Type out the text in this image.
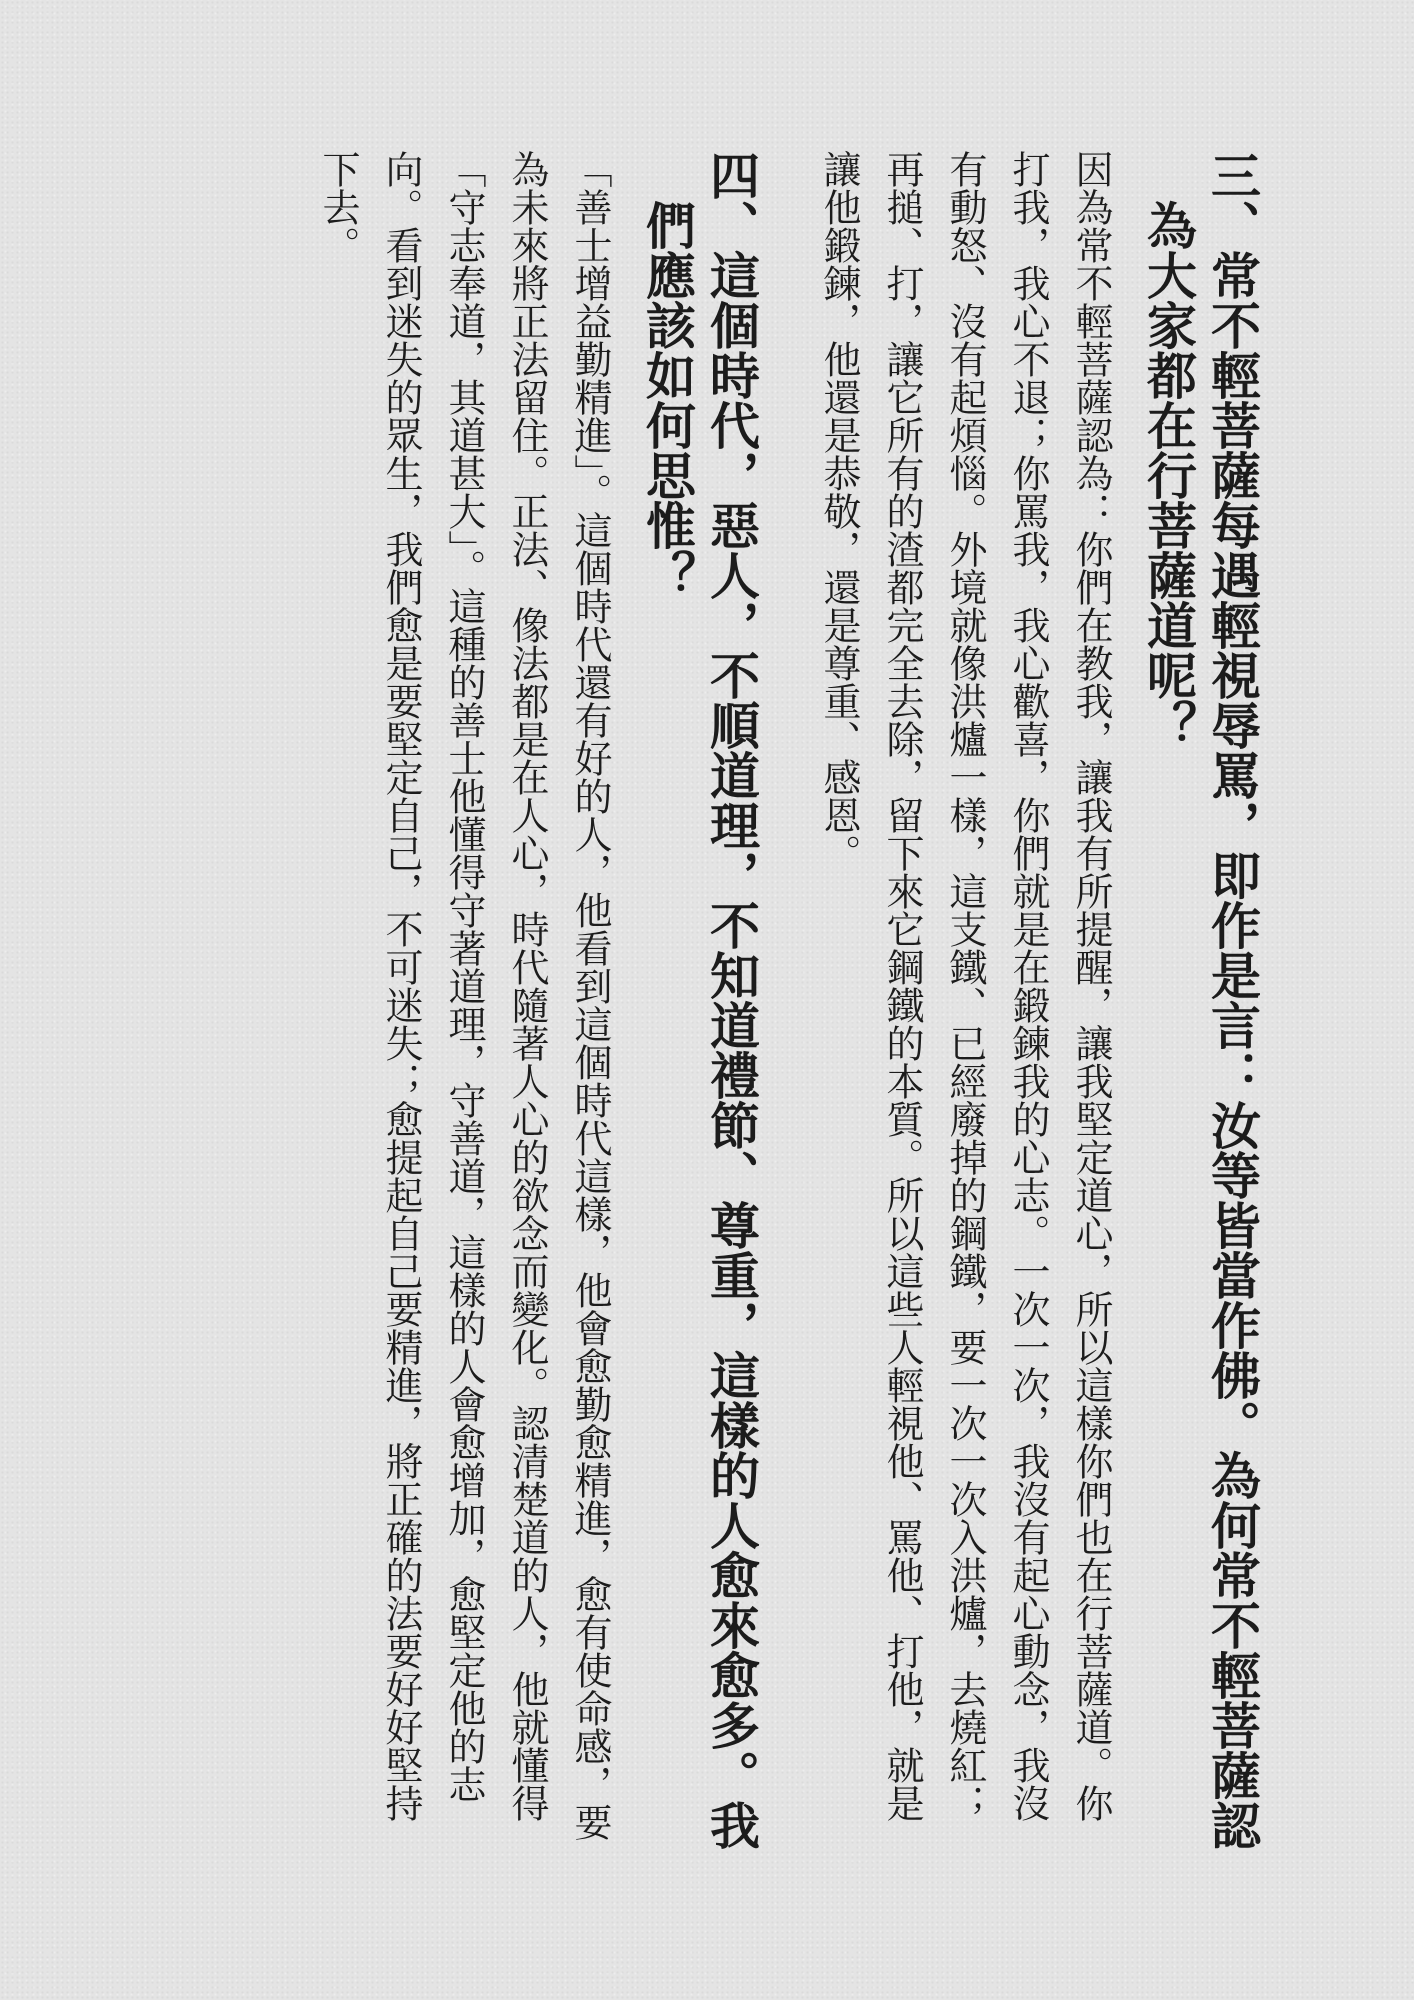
三、常不輕菩薩每遇輕視辱罵，即作是言：汝等皆當作佛。為何常不輕菩薩認為大家都在行菩薩道呢？

因為常不輕菩薩認為：你們在教我，讓我有所提醒，讓我堅定道心，所以這樣你們也在行菩薩道。你打我，我心不退；你罵我，我心歡喜，你們就是在鍛鍊我的心志。一次一次，我沒有起心動念，我沒有動怒、沒有起煩惱。外境就像洪爐一樣，這支鐵、已經廢掉的鋼鐵，要一次一次入洪爐，去燒紅；再搥、打，讓它所有的渣都完全去除，留下來它鋼鐵的本質。所以這些人輕視他、罵他、打他，就是讓他鍛鍊，他還是恭敬，還是尊重、感恩。

四、這個時代，惡人，不順道理，不知道禮節、尊重，這樣的人愈來愈多。我們應該如何思惟？

「善士增益勤精進」。這個時代還有好的人，他看到這個時代這樣，他會愈勤愈精進，愈有使命感，要為未來將正法留住。正法、像法都是在人心，時代隨著人心的欲念而變化。認清楚道的人，他就懂得「守志奉道，其道甚大」。這種的善士他懂得守著道理，守善道，這樣的人會愈增加，愈堅定他的志向。看到迷失的眾生，我們愈是要堅定自己，不可迷失；愈提起自己要精進，將正確的法要好好堅持下去。
